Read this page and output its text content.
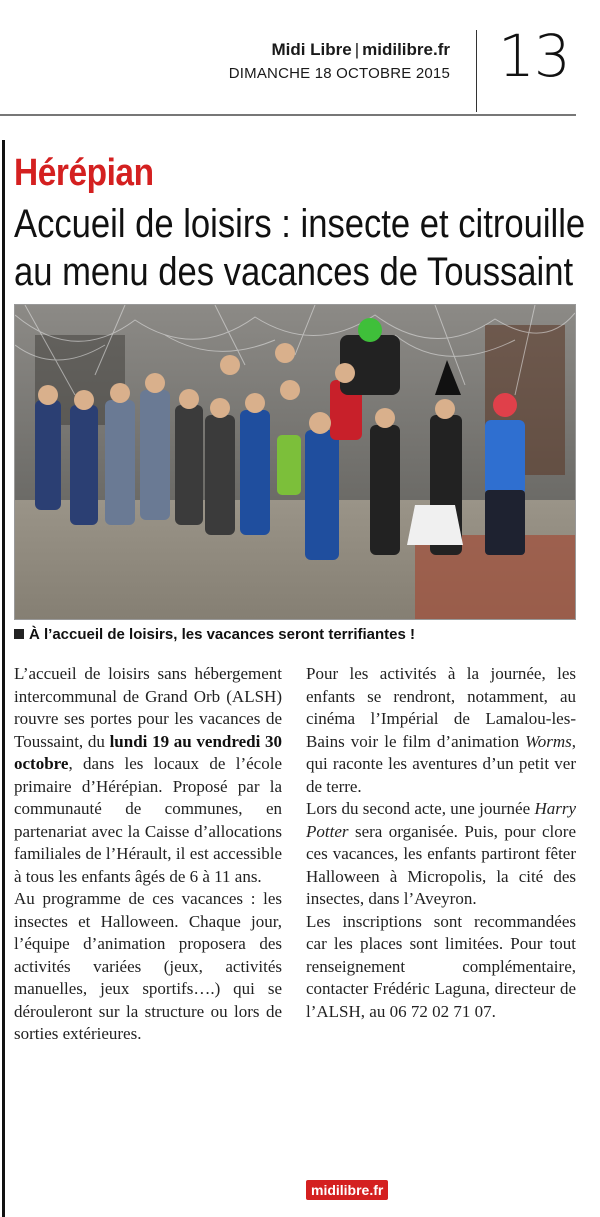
Midi Libre | midilibre.fr
DIMANCHE 18 OCTOBRE 2015 13
Hérépian
Accueil de loisirs : insecte et citrouille
au menu des vacances de Toussaint
À l’accueil de loisirs, les vacances seront terrifiantes !

L’accueil de loisirs sans hébergement intercommunal de Grand Orb (ALSH) rouvre ses portes pour les vacances de Toussaint, du lundi 19 au vendredi 30 octobre, dans les locaux de l’école primaire d’Hérépian. Proposé par la communauté de communes, en partenariat avec la Caisse d’allocations familiales de l’Hérault, il est accessible à tous les enfants âgés de 6 à 11 ans.

Au programme de ces vacances : les insectes et Halloween. Chaque jour, l’équipe d’animation proposera des activités variées (jeux, activités manuelles, jeux sportifs….) qui se dérouleront sur la structure ou lors de sorties extérieures.

Pour les activités à la journée, les enfants se rendront, notamment, au cinéma l’Impérial de Lamalou-les-Bains voir le film d’animation Worms, qui raconte les aventures d’un petit ver de terre.

Lors du second acte, une journée Harry Potter sera organisée. Puis, pour clore ces vacances, les enfants partiront fêter Halloween à Micropolis, la cité des insectes, dans l’Aveyron.

Les inscriptions sont recommandées car les places sont limitées. Pour tout renseignement complémentaire, contacter Frédéric Laguna, directeur de l’ALSH, au 06 72 02 71 07.

midilibre.fr
